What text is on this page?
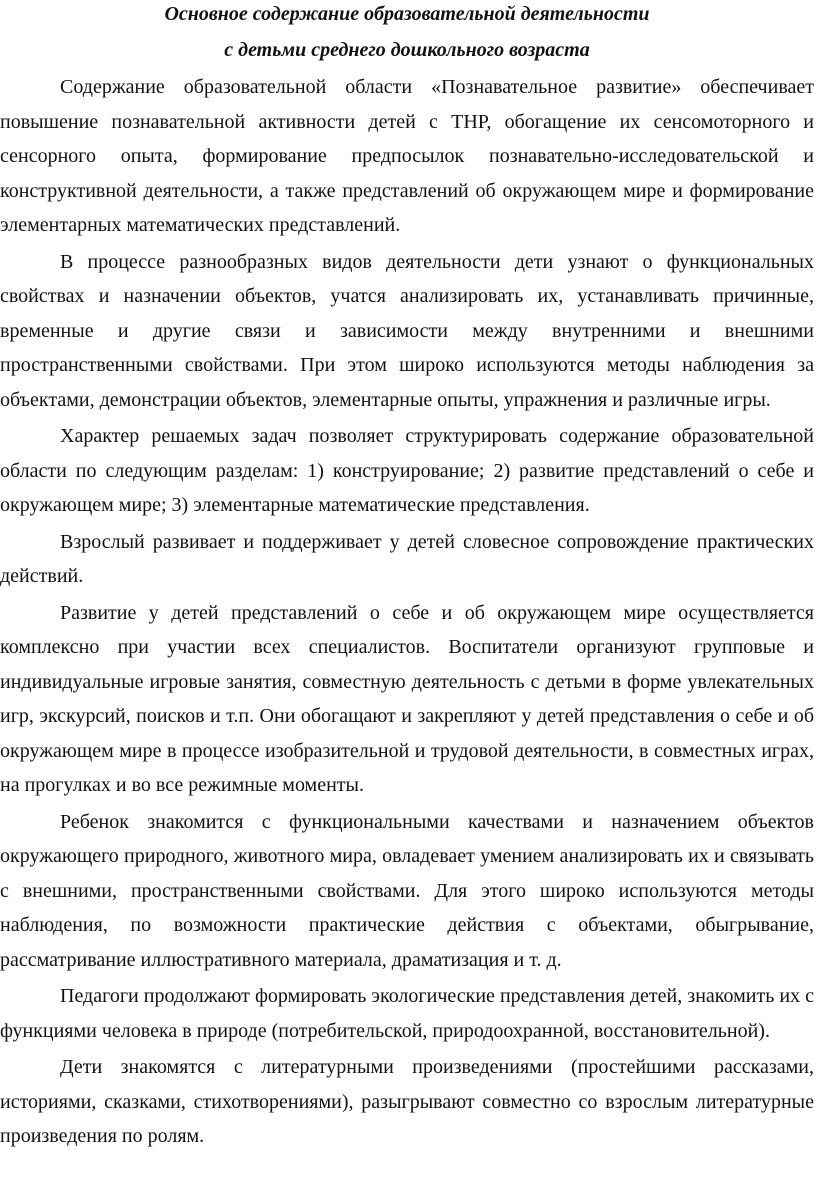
Основное содержание образовательной деятельности

с детьми среднего дошкольного возраста

Содержание образовательной области «Познавательное развитие» обеспечивает повышение познавательной активности детей с ТНР, обогащение их сенсомоторного и сенсорного опыта, формирование предпосылок познавательно-исследовательской и конструктивной деятельности, а также представлений об окружающем мире и формирование элементарных математических представлений.

В процессе разнообразных видов деятельности дети узнают о функциональных свойствах и назначении объектов, учатся анализировать их, устанавливать причинные, временные и другие связи и зависимости между внутренними и внешними пространственными свойствами. При этом широко используются методы наблюдения за объектами, демонстрации объектов, элементарные опыты, упражнения и различные игры.

Характер решаемых задач позволяет структурировать содержание образовательной области по следующим разделам: 1) конструирование; 2) развитие представлений о себе и окружающем мире; 3) элементарные математические представления.

Взрослый развивает и поддерживает у детей словесное сопровождение практических действий.

Развитие у детей представлений о себе и об окружающем мире осуществляется комплексно при участии всех специалистов. Воспитатели организуют групповые и индивидуальные игровые занятия, совместную деятельность с детьми в форме увлекательных игр, экскурсий, поисков и т.п. Они обогащают и закрепляют у детей представления о себе и об окружающем мире в процессе изобразительной и трудовой деятельности, в совместных играх, на прогулках и во все режимные моменты.

Ребенок знакомится с функциональными качествами и назначением объектов окружающего природного, животного мира, овладевает умением анализировать их и связывать с внешними, пространственными свойствами. Для этого широко используются методы наблюдения, по возможности практические действия с объектами, обыгрывание, рассматривание иллюстративного материала, драматизация и т. д.

Педагоги продолжают формировать экологические представления детей, знакомить их с функциями человека в природе (потребительской, природоохранной, восстановительной).

Дети знакомятся с литературными произведениями (простейшими рассказами, историями, сказками, стихотворениями), разыгрывают совместно со взрослым литературные произведения по ролям.
